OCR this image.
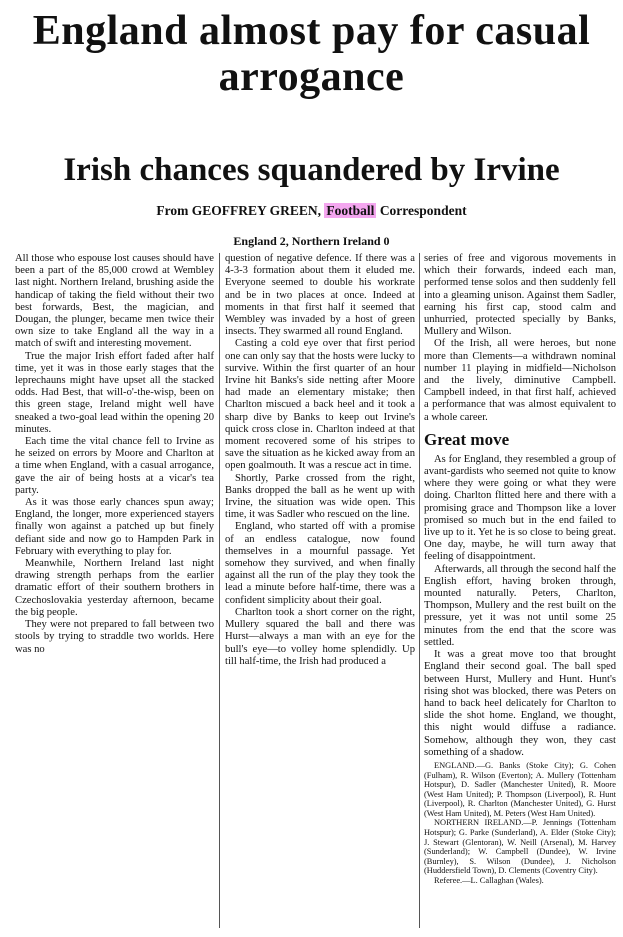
England almost pay for casual arrogance
Irish chances squandered by Irvine
From GEOFFREY GREEN, Football Correspondent
England 2, Northern Ireland 0

All those who espouse lost causes should have been a part of the 85,000 crowd at Wembley last night. Northern Ireland, brushing aside the handicap of taking the field without their two best forwards, Best, the magician, and Dougan, the plunger, became men twice their own size to take England all the way in a match of swift and interesting movement.

True the major Irish effort faded after half time, yet it was in those early stages that the leprechauns might have upset all the stacked odds. Had Best, that will-o'-the-wisp, been on this green stage, Ireland might well have sneaked a two-goal lead within the opening 20 minutes.

Each time the vital chance fell to Irvine as he seized on errors by Moore and Charlton at a time when England, with a casual arrogance, gave the air of being hosts at a vicar's tea party.

As it was those early chances spun away; England, the longer, more experienced stayers finally won against a patched up but finely defiant side and now go to Hampden Park in February with everything to play for.

Meanwhile, Northern Ireland last night drawing strength perhaps from the earlier dramatic effort of their southern brothers in Czechoslovakia yesterday afternoon, became the big people.

They were not prepared to fall between two stools by trying to straddle two worlds. Here was no

question of negative defence. If there was a 4-3-3 formation about them it eluded me. Everyone seemed to double his workrate and be in two places at once. Indeed at moments in that first half it seemed that Wembley was invaded by a host of green insects. They swarmed all round England.

Casting a cold eye over that first period one can only say that the hosts were lucky to survive. Within the first quarter of an hour Irvine hit Banks's side netting after Moore had made an elementary mistake; then Charlton miscued a back heel and it took a sharp dive by Banks to keep out Irvine's quick cross close in. Charlton indeed at that moment recovered some of his stripes to save the situation as he kicked away from an open goalmouth. It was a rescue act in time.

Shortly, Parke crossed from the right, Banks dropped the ball as he went up with Irvine, the situation was wide open. This time, it was Sadler who rescued on the line.

England, who started off with a promise of an endless catalogue, now found themselves in a mournful passage. Yet somehow they survived, and when finally against all the run of the play they took the lead a minute before half-time, there was a confident simplicity about their goal.

Charlton took a short corner on the right, Mullery squared the ball and there was Hurst—always a man with an eye for the bull's eye—to volley home splendidly. Up till half-time, the Irish had produced a

series of free and vigorous movements in which their forwards, indeed each man, performed tense solos and then suddenly fell into a gleaming unison. Against them Sadler, earning his first cap, stood calm and unhurried, protected specially by Banks, Mullery and Wilson.

Of the Irish, all were heroes, but none more than Clements—a withdrawn nominal number 11 playing in midfield—Nicholson and the lively, diminutive Campbell. Campbell indeed, in that first half, achieved a performance that was almost equivalent to a whole career.

Great move

As for England, they resembled a group of avant-gardists who seemed not quite to know where they were going or what they were doing. Charlton flitted here and there with a promising grace and Thompson like a lover promised so much but in the end failed to live up to it. Yet he is so close to being great. One day, maybe, he will turn away that feeling of disappointment.

Afterwards, all through the second half the English effort, having broken through, mounted naturally. Peters, Charlton, Thompson, Mullery and the rest built on the pressure, yet it was not until some 25 minutes from the end that the score was settled.

It was a great move too that brought England their second goal. The ball sped between Hurst, Mullery and Hunt. Hunt's rising shot was blocked, there was Peters on hand to back heel delicately for Charlton to slide the shot home. England, we thought, this night would diffuse a radiance. Somehow, although they won, they cast something of a shadow.

ENGLAND.—G. Banks (Stoke City); G. Cohen (Fulham), R. Wilson (Everton); A. Mullery (Tottenham Hotspur), D. Sadler (Manchester United), R. Moore (West Ham United); P. Thompson (Liverpool), R. Hunt (Liverpool), R. Charlton (Manchester United), G. Hurst (West Ham United), M. Peters (West Ham United).

NORTHERN IRELAND.—P. Jennings (Tottenham Hotspur); G. Parke (Sunderland), A. Elder (Stoke City); J. Stewart (Glentoran), W. Neill (Arsenal), M. Harvey (Sunderland); W. Campbell (Dundee), W. Irvine (Burnley), S. Wilson (Dundee), J. Nicholson (Huddersfield Town), D. Clements (Coventry City).

Referee.—L. Callaghan (Wales).
